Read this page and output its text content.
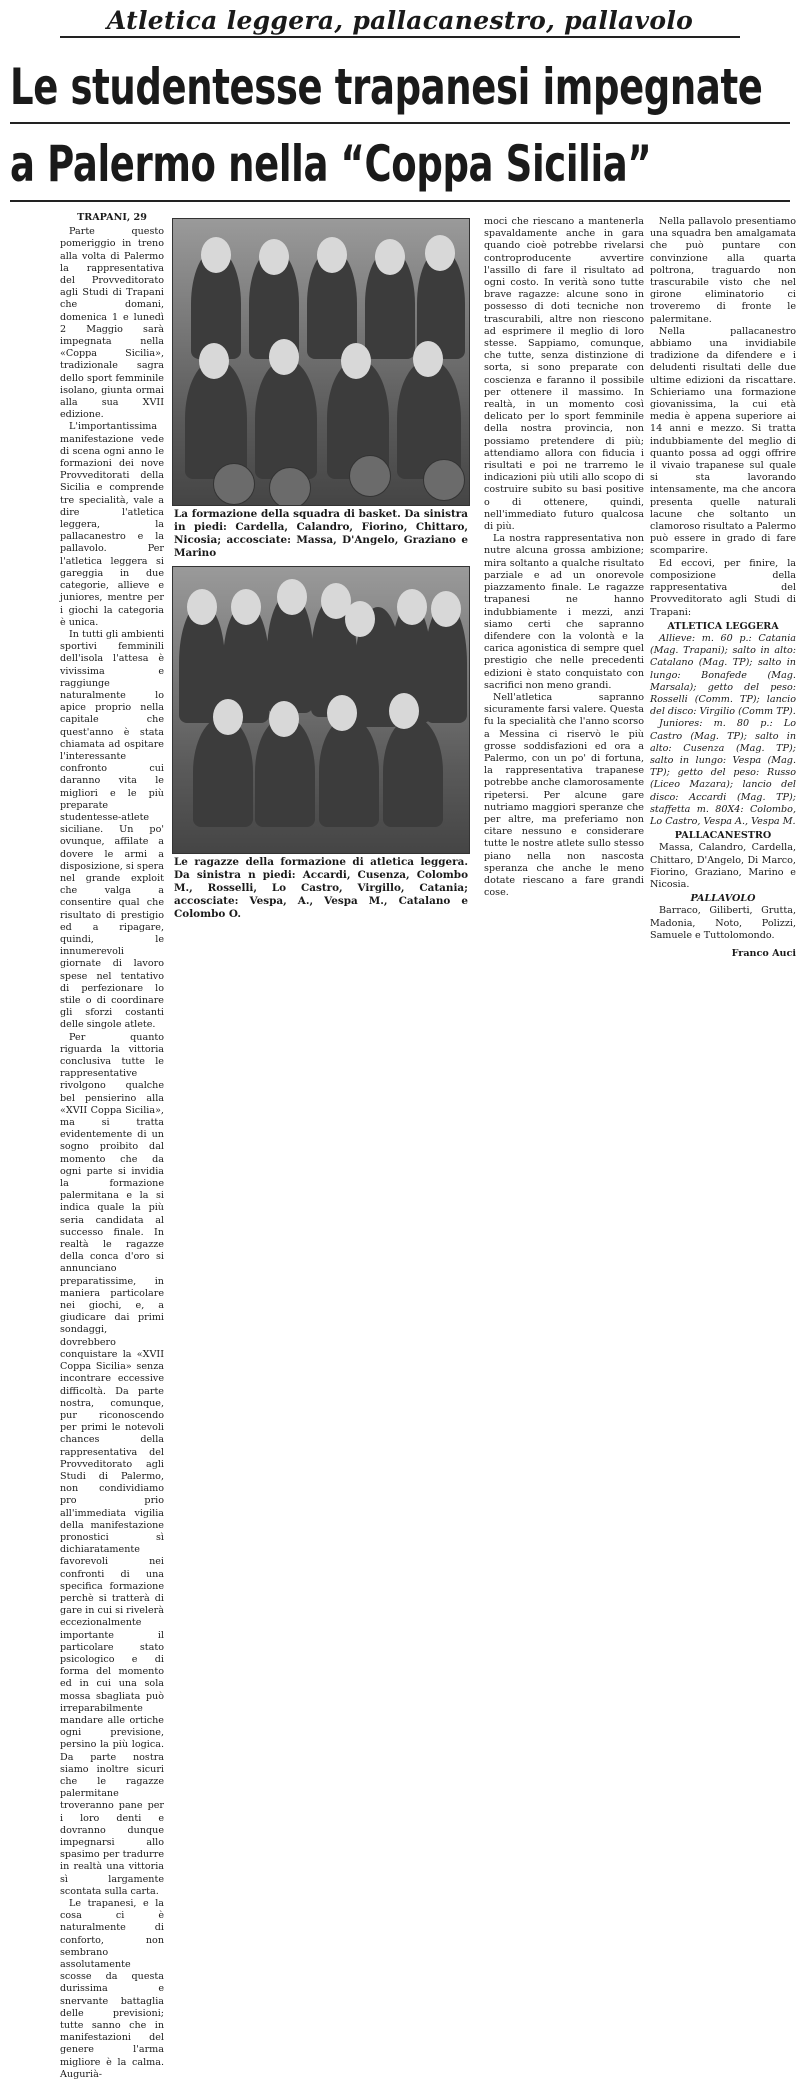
Atletica leggera, pallacanestro, pallavolo
Le studentesse trapanesi impegnate
a Palermo nella “Coppa Sicilia”

TRAPANI, 29

Parte questo pomeriggio in treno alla volta di Palermo la rappresentativa del Provveditorato agli Studi di Trapani che domani, domenica 1 e lunedì 2 Maggio sarà impegnata nella «Coppa Sicilia», tradizionale sagra dello sport femminile isolano, giunta ormai alla sua XVII edizione.

L'importantissima manifestazione vede di scena ogni anno le formazioni dei nove Provveditorati della Sicilia e comprende tre specialità, vale a dire l'atletica leggera, la pallacanestro e la pallavolo. Per l'atletica leggera si gareggia in due categorie, allieve e juniores, mentre per i giochi la categoria è unica.

In tutti gli ambienti sportivi femminili dell'isola l'attesa è vivissima e raggiunge naturalmente lo apice proprio nella capitale che quest'anno è stata chiamata ad ospitare l'interessante confronto cui daranno vita le migliori e le più preparate studentesse-atlete siciliane. Un po' ovunque, affilate a dovere le armi a disposizione, si spera nel grande exploit che valga a consentire qual che risultato di prestigio ed a ripagare, quindi, le innumerevoli giornate di lavoro spese nel tentativo di perfezionare lo stile o di coordinare gli sforzi costanti delle singole atlete.

Per quanto riguarda la vittoria conclusiva tutte le rappresentative rivolgono qualche bel pensierino alla «XVII Coppa Sicilia», ma si tratta evidentemente di un sogno proibito dal momento che da ogni parte si invidia la formazione palermitana e la si indica quale la più seria candidata al successo finale. In realtà le ragazze della conca d'oro si annunciano preparatissime, in maniera particolare nei giochi, e, a giudicare dai primi sondaggi, dovrebbero conquistare la «XVII Coppa Sicilia» senza incontrare eccessive difficoltà. Da parte nostra, comunque, pur riconoscendo per primi le notevoli chances della rappresentativa del Provveditorato agli Studi di Palermo, non condividiamo pro prio all'immediata vigilia della manifestazione pronostici sì dichiaratamente favorevoli nei confronti di una specifica formazione perchè si tratterà di gare in cui si rivelerà eccezionalmente importante il particolare stato psicologico e di forma del momento ed in cui una sola mossa sbagliata può irreparabilmente mandare alle ortiche ogni previsione, persino la più logica. Da parte nostra siamo inoltre sicuri che le ragazze palermitane troveranno pane per i loro denti e dovranno dunque impegnarsi allo spasimo per tradurre in realtà una vittoria sì largamente scontata sulla carta.

Le trapanesi, e la cosa ci è naturalmente di conforto, non sembrano assolutamente scosse da questa durissima e snervante battaglia delle previsioni; tutte sanno che in manifestazioni del genere l'arma migliore è la calma. Augurià-

La formazione della squadra di basket. Da sinistra in piedi: Cardella, Calandro, Fiorino, Chittaro, Nicosia; accosciate: Massa, D'Angelo, Graziano e Marino
Le ragazze della formazione di atletica leggera. Da sinistra n piedi: Accardi, Cusenza, Colombo M., Rosselli, Lo Castro, Virgillo, Catania; accosciate: Vespa, A., Vespa M., Catalano e Colombo O.

moci che riescano a mantenerla spavaldamente anche in gara quando cioè potrebbe rivelarsi controproducente avvertire l'assillo di fare il risultato ad ogni costo. In verità sono tutte brave ragazze: alcune sono in possesso di doti tecniche non trascurabili, altre non riescono ad esprimere il meglio di loro stesse. Sappiamo, comunque, che tutte, senza distinzione di sorta, si sono preparate con coscienza e faranno il possibile per ottenere il massimo. In realtà, in un momento così delicato per lo sport femminile della nostra provincia, non possiamo pretendere di più; attendiamo allora con fiducia i risultati e poi ne trarremo le indicazioni più utili allo scopo di costruire subito su basi positive o di ottenere, quindi, nell'immediato futuro qualcosa di più.

La nostra rappresentativa non nutre alcuna grossa ambizione; mira soltanto a qualche risultato parziale e ad un onorevole piazzamento finale. Le ragazze trapanesi ne hanno indubbiamente i mezzi, anzi siamo certi che sapranno difendere con la volontà e la carica agonistica di sempre quel prestigio che nelle precedenti edizioni è stato conquistato con sacrifici non meno grandi.

Nell'atletica sapranno sicuramente farsi valere. Questa fu la specialità che l'anno scorso a Messina ci riservò le più grosse soddisfazioni ed ora a Palermo, con un po' di fortuna, la rappresentativa trapanese potrebbe anche clamorosamente ripetersi. Per alcune gare nutriamo maggiori speranze che per altre, ma preferiamo non citare nessuno e considerare tutte le nostre atlete sullo stesso piano nella non nascosta speranza che anche le meno dotate riescano a fare grandi cose.

Nella pallavolo presentiamo una squadra ben amalgamata che può puntare con convinzione alla quarta poltrona, traguardo non trascurabile visto che nel girone eliminatorio ci troveremo di fronte le palermitane.

Nella pallacanestro abbiamo una invidiabile tradizione da difendere e i deludenti risultati delle due ultime edizioni da riscattare. Schieriamo una formazione giovanissima, la cui età media è appena superiore ai 14 anni e mezzo. Si tratta indubbiamente del meglio di quanto possa ad oggi offrire il vivaio trapanese sul quale si sta lavorando intensamente, ma che ancora presenta quelle naturali lacune che soltanto un clamoroso risultato a Palermo può essere in grado di fare scomparire.

Ed eccovi, per finire, la composizione della rappresentativa del Provveditorato agli Studi di Trapani:

ATLETICA LEGGERA

Allieve: m. 60 p.: Catania (Mag. Trapani); salto in alto: Catalano (Mag. TP); salto in lungo: Bonafede (Mag. Marsala); getto del peso: Rosselli (Comm. TP); lancio del disco: Virgilio (Comm TP).

Juniores: m. 80 p.: Lo Castro (Mag. TP); salto in alto: Cusenza (Mag. TP); salto in lungo: Vespa (Mag. TP); getto del peso: Russo (Liceo Mazara); lancio del disco: Accardi (Mag. TP); staffetta m. 80X4: Colombo, Lo Castro, Vespa A., Vespa M.

PALLACANESTRO

Massa, Calandro, Cardella, Chittaro, D'Angelo, Di Marco, Fiorino, Graziano, Marino e Nicosia.

PALLAVOLO

Barraco, Giliberti, Grutta, Madonia, Noto, Polizzi, Samuele e Tuttolomondo.

Franco Auci
